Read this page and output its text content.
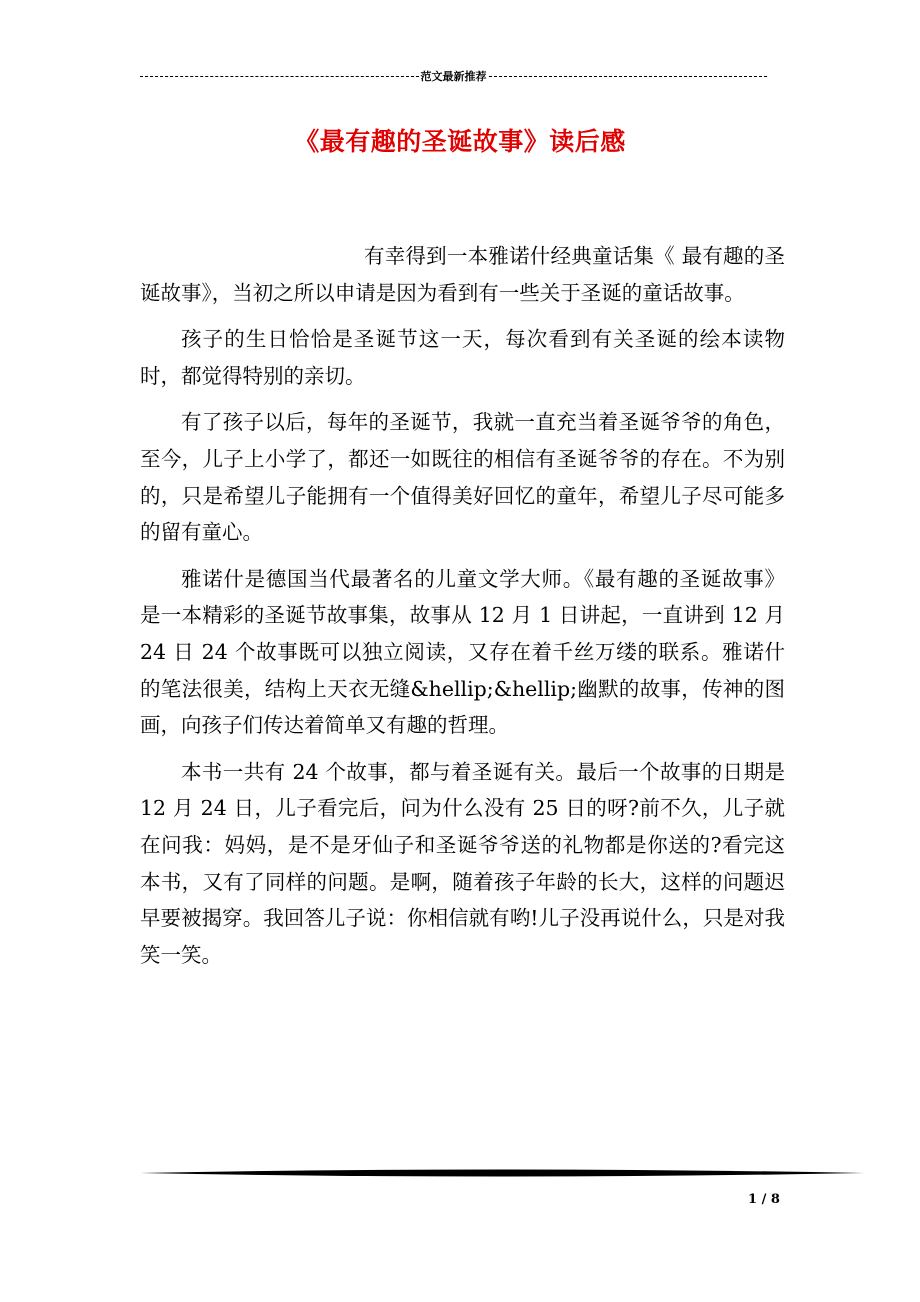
范文最新推荐
《最有趣的圣诞故事》读后感

有幸得到一本雅诺什经典童话集《 最有趣的圣诞故事》，当初之所以申请是因为看到有一些关于圣诞的童话故事。

孩子的生日恰恰是圣诞节这一天，每次看到有关圣诞的绘本读物时，都觉得特别的亲切。

有了孩子以后，每年的圣诞节，我就一直充当着圣诞爷爷的角色，至今，儿子上小学了，都还一如既往的相信有圣诞爷爷的存在。不为别的，只是希望儿子能拥有一个值得美好回忆的童年，希望儿子尽可能多的留有童心。

雅诺什是德国当代最著名的儿童文学大师。《最有趣的圣诞故事》是一本精彩的圣诞节故事集，故事从 12 月 1 日讲起，一直讲到 12 月 24 日 24 个故事既可以独立阅读，又存在着千丝万缕的联系。雅诺什的笔法很美，结构上天衣无缝&hellip;&hellip;幽默的故事，传神的图画，向孩子们传达着简单又有趣的哲理。

本书一共有 24 个故事，都与着圣诞有关。最后一个故事的日期是 12 月 24 日，儿子看完后，问为什么没有 25 日的呀?前不久，儿子就在问我：妈妈，是不是牙仙子和圣诞爷爷送的礼物都是你送的?看完这本书，又有了同样的问题。是啊，随着孩子年龄的长大，这样的问题迟早要被揭穿。我回答儿子说：你相信就有哟!儿子没再说什么，只是对我笑一笑。

1 / 8
